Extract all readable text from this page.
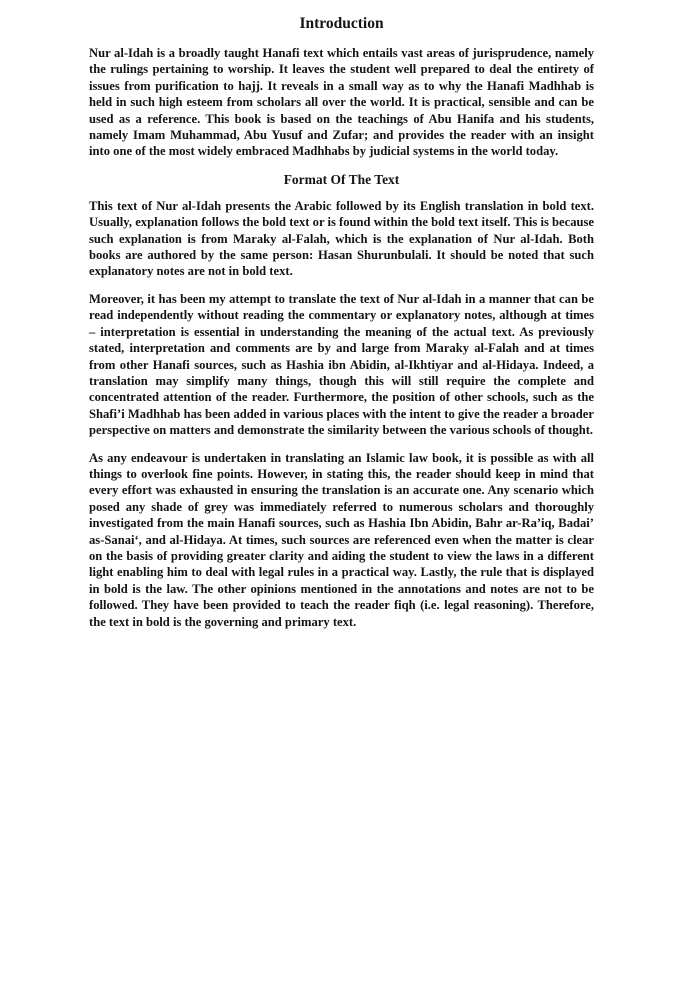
Introduction

Nur al-Idah is a broadly taught Hanafi text which entails vast areas of jurisprudence, namely the rulings pertaining to worship. It leaves the student well prepared to deal the entirety of issues from purification to hajj. It reveals in a small way as to why the Hanafi Madhhab is held in such high esteem from scholars all over the world. It is practical, sensible and can be used as a reference. This book is based on the teachings of Abu Hanifa and his students, namely Imam Muhammad, Abu Yusuf and Zufar; and provides the reader with an insight into one of the most widely embraced Madhhabs by judicial systems in the world today.

Format Of The Text

This text of Nur al-Idah presents the Arabic followed by its English translation in bold text. Usually, explanation follows the bold text or is found within the bold text itself. This is because such explanation is from Maraky al-Falah, which is the explanation of Nur al-Idah. Both books are authored by the same person: Hasan Shurunbulali. It should be noted that such explanatory notes are not in bold text.

Moreover, it has been my attempt to translate the text of Nur al-Idah in a manner that can be read independently without reading the commentary or explanatory notes, although at times – interpretation is essential in understanding the meaning of the actual text. As previously stated, interpretation and comments are by and large from Maraky al-Falah and at times from other Hanafi sources, such as Hashia ibn Abidin, al-Ikhtiyar and al-Hidaya. Indeed, a translation may simplify many things, though this will still require the complete and concentrated attention of the reader. Furthermore, the position of other schools, such as the Shafi’i Madhhab has been added in various places with the intent to give the reader a broader perspective on matters and demonstrate the similarity between the various schools of thought.

As any endeavour is undertaken in translating an Islamic law book, it is possible as with all things to overlook fine points. However, in stating this, the reader should keep in mind that every effort was exhausted in ensuring the translation is an accurate one. Any scenario which posed any shade of grey was immediately referred to numerous scholars and thoroughly investigated from the main Hanafi sources, such as Hashia Ibn Abidin, Bahr ar-Ra’iq, Badai’ as-Sanai‘, and al-Hidaya. At times, such sources are referenced even when the matter is clear on the basis of providing greater clarity and aiding the student to view the laws in a different light enabling him to deal with legal rules in a practical way. Lastly, the rule that is displayed in bold is the law. The other opinions mentioned in the annotations and notes are not to be followed. They have been provided to teach the reader fiqh (i.e. legal reasoning). Therefore, the text in bold is the governing and primary text.
